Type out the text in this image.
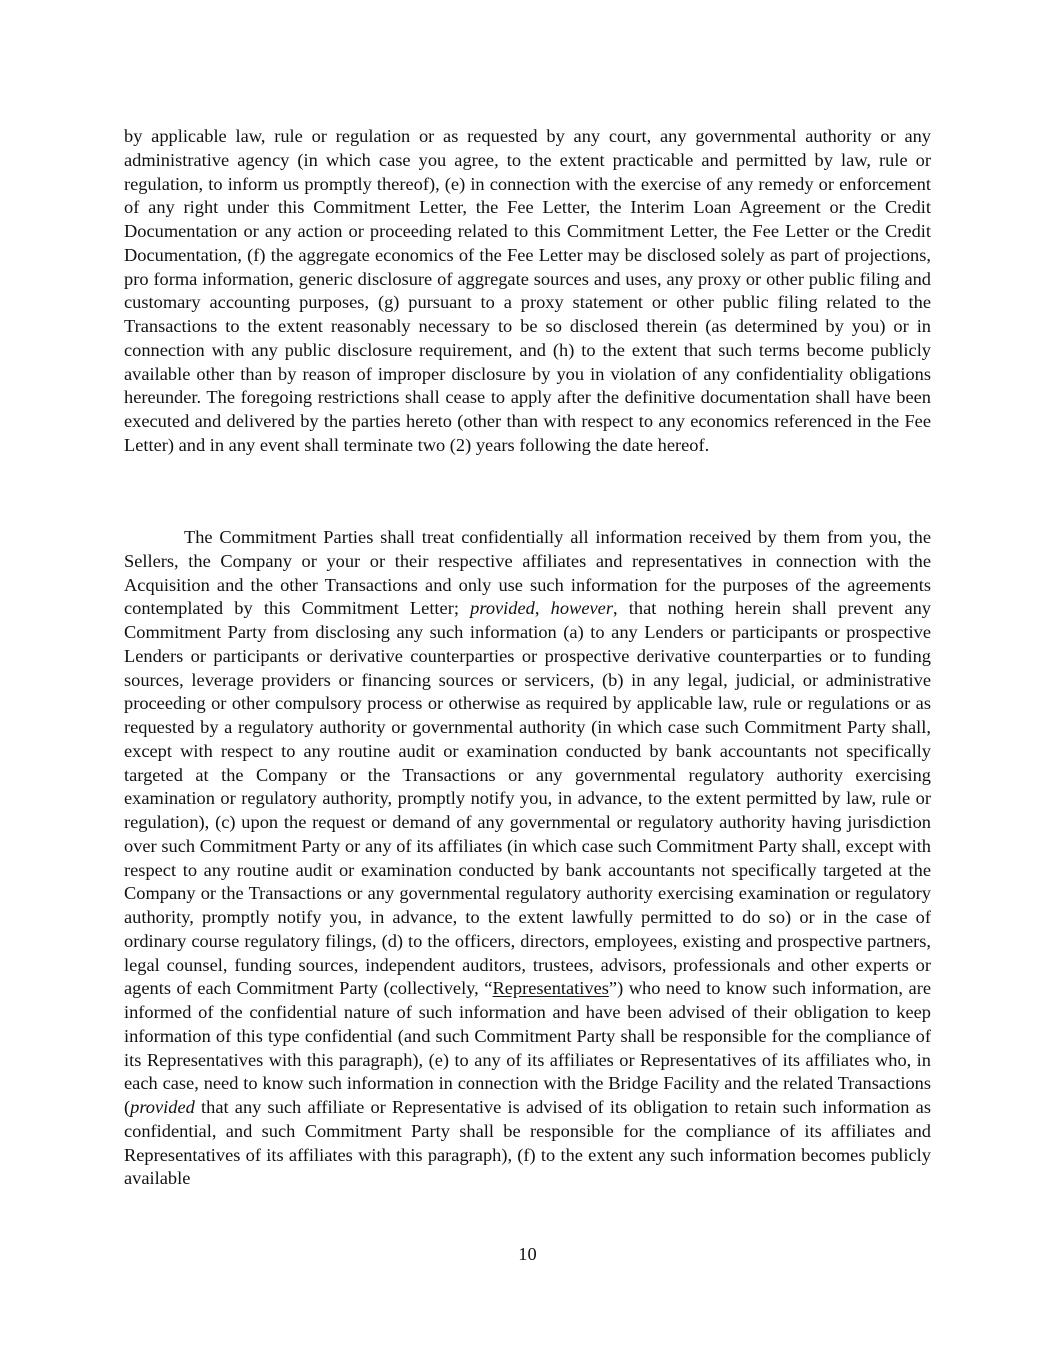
by applicable law, rule or regulation or as requested by any court, any governmental authority or any administrative agency (in which case you agree, to the extent practicable and permitted by law, rule or regulation, to inform us promptly thereof), (e) in connection with the exercise of any remedy or enforcement of any right under this Commitment Letter, the Fee Letter, the Interim Loan Agreement or the Credit Documentation or any action or proceeding related to this Commitment Letter, the Fee Letter or the Credit Documentation, (f) the aggregate economics of the Fee Letter may be disclosed solely as part of projections, pro forma information, generic disclosure of aggregate sources and uses, any proxy or other public filing and customary accounting purposes, (g) pursuant to a proxy statement or other public filing related to the Transactions to the extent reasonably necessary to be so disclosed therein (as determined by you) or in connection with any public disclosure requirement, and (h) to the extent that such terms become publicly available other than by reason of improper disclosure by you in violation of any confidentiality obligations hereunder. The foregoing restrictions shall cease to apply after the definitive documentation shall have been executed and delivered by the parties hereto (other than with respect to any economics referenced in the Fee Letter) and in any event shall terminate two (2) years following the date hereof.

The Commitment Parties shall treat confidentially all information received by them from you, the Sellers, the Company or your or their respective affiliates and representatives in connection with the Acquisition and the other Transactions and only use such information for the purposes of the agreements contemplated by this Commitment Letter; provided, however, that nothing herein shall prevent any Commitment Party from disclosing any such information (a) to any Lenders or participants or prospective Lenders or participants or derivative counterparties or prospective derivative counterparties or to funding sources, leverage providers or financing sources or servicers, (b) in any legal, judicial, or administrative proceeding or other compulsory process or otherwise as required by applicable law, rule or regulations or as requested by a regulatory authority or governmental authority (in which case such Commitment Party shall, except with respect to any routine audit or examination conducted by bank accountants not specifically targeted at the Company or the Transactions or any governmental regulatory authority exercising examination or regulatory authority, promptly notify you, in advance, to the extent permitted by law, rule or regulation), (c) upon the request or demand of any governmental or regulatory authority having jurisdiction over such Commitment Party or any of its affiliates (in which case such Commitment Party shall, except with respect to any routine audit or examination conducted by bank accountants not specifically targeted at the Company or the Transactions or any governmental regulatory authority exercising examination or regulatory authority, promptly notify you, in advance, to the extent lawfully permitted to do so) or in the case of ordinary course regulatory filings, (d) to the officers, directors, employees, existing and prospective partners, legal counsel, funding sources, independent auditors, trustees, advisors, professionals and other experts or agents of each Commitment Party (collectively, “Representatives”) who need to know such information, are informed of the confidential nature of such information and have been advised of their obligation to keep information of this type confidential (and such Commitment Party shall be responsible for the compliance of its Representatives with this paragraph), (e) to any of its affiliates or Representatives of its affiliates who, in each case, need to know such information in connection with the Bridge Facility and the related Transactions (provided that any such affiliate or Representative is advised of its obligation to retain such information as confidential, and such Commitment Party shall be responsible for the compliance of its affiliates and Representatives of its affiliates with this paragraph), (f) to the extent any such information becomes publicly available

10
